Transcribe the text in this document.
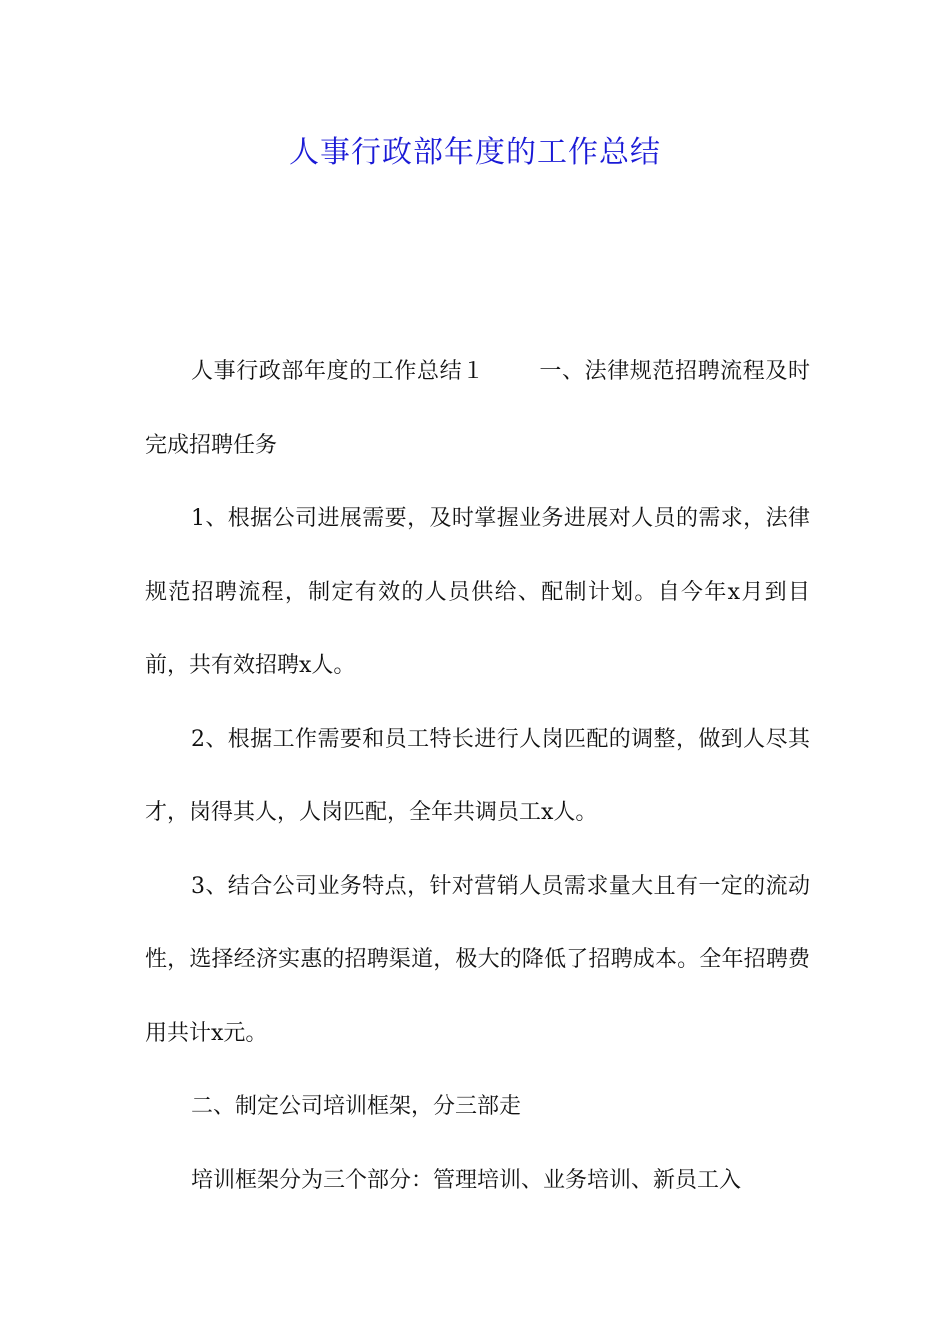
人事行政部年度的工作总结

人事行政部年度的工作总结１ 一、法律规范招聘流程及时完成招聘任务

1、根据公司进展需要，及时掌握业务进展对人员的需求，法律规范招聘流程，制定有效的人员供给、配制计划。自今年x月到目前，共有效招聘x人。

2、根据工作需要和员工特长进行人岗匹配的调整，做到人尽其才，岗得其人，人岗匹配，全年共调员工x人。

3、结合公司业务特点，针对营销人员需求量大且有一定的流动性，选择经济实惠的招聘渠道，极大的降低了招聘成本。全年招聘费用共计x元。

二、制定公司培训框架，分三部走

培训框架分为三个部分：管理培训、业务培训、新员工入
